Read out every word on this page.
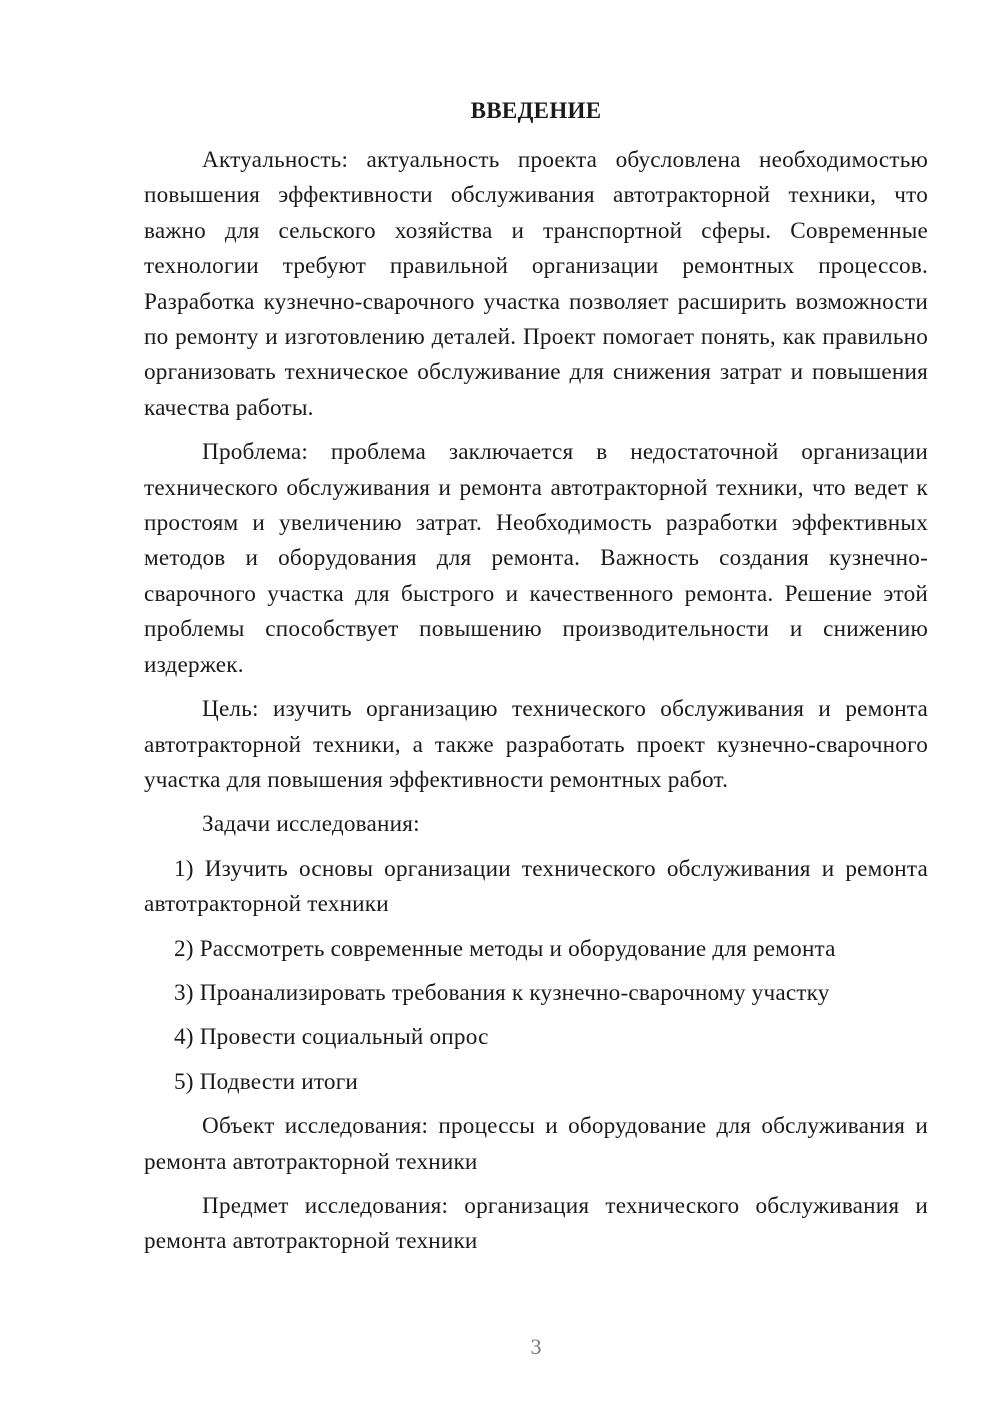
ВВЕДЕНИЕ

Актуальность: актуальность проекта обусловлена необходимостью повышения эффективности обслуживания автотракторной техники, что важно для сельского хозяйства и транспортной сферы. Современные технологии требуют правильной организации ремонтных процессов. Разработка кузнечно-сварочного участка позволяет расширить возможности по ремонту и изготовлению деталей. Проект помогает понять, как правильно организовать техническое обслуживание для снижения затрат и повышения качества работы.

Проблема: проблема заключается в недостаточной организации технического обслуживания и ремонта автотракторной техники, что ведет к простоям и увеличению затрат. Необходимость разработки эффективных методов и оборудования для ремонта. Важность создания кузнечно-сварочного участка для быстрого и качественного ремонта. Решение этой проблемы способствует повышению производительности и снижению издержек.

Цель: изучить организацию технического обслуживания и ремонта автотракторной техники, а также разработать проект кузнечно-сварочного участка для повышения эффективности ремонтных работ.

Задачи исследования:

1) Изучить основы организации технического обслуживания и ремонта автотракторной техники

2) Рассмотреть современные методы и оборудование для ремонта

3) Проанализировать требования к кузнечно-сварочному участку

4) Провести социальный опрос

5) Подвести итоги

Объект исследования: процессы и оборудование для обслуживания и ремонта автотракторной техники

Предмет исследования: организация технического обслуживания и ремонта автотракторной техники

3
